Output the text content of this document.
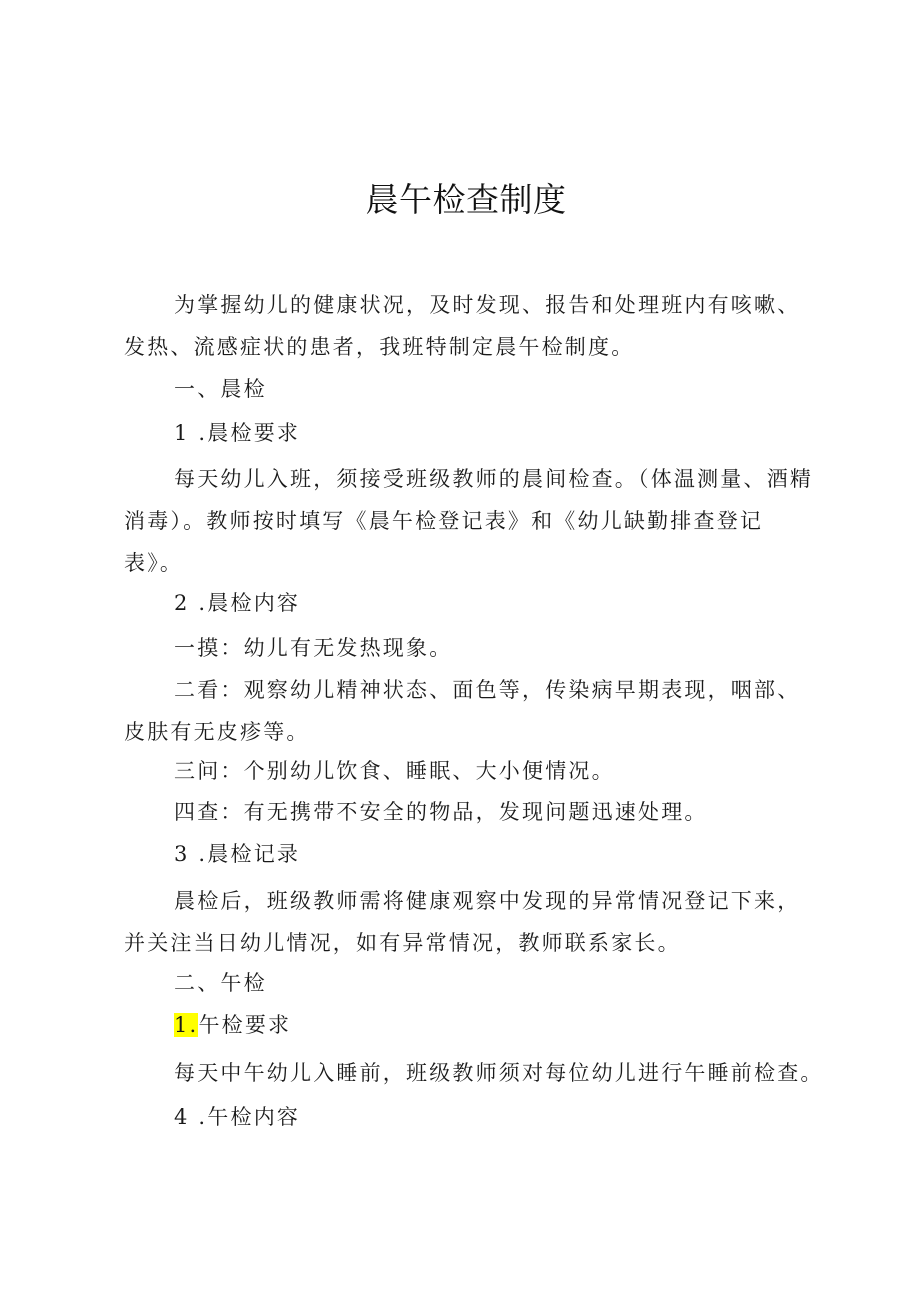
晨午检查制度

为掌握幼儿的健康状况，及时发现、报告和处理班内有咳嗽、发热、流感症状的患者，我班特制定晨午检制度。

一、晨检

1 .晨检要求

每天幼儿入班，须接受班级教师的晨间检查。（体温测量、酒精消毒）。教师按时填写《晨午检登记表》和《幼儿缺勤排查登记表》。

2 .晨检内容

一摸：幼儿有无发热现象。

二看：观察幼儿精神状态、面色等，传染病早期表现，咽部、皮肤有无皮疹等。

三问：个别幼儿饮食、睡眠、大小便情况。

四查：有无携带不安全的物品，发现问题迅速处理。

3 .晨检记录

晨检后，班级教师需将健康观察中发现的异常情况登记下来，并关注当日幼儿情况，如有异常情况，教师联系家长。

二、午检

1.午检要求

每天中午幼儿入睡前，班级教师须对每位幼儿进行午睡前检查。

4 .午检内容
